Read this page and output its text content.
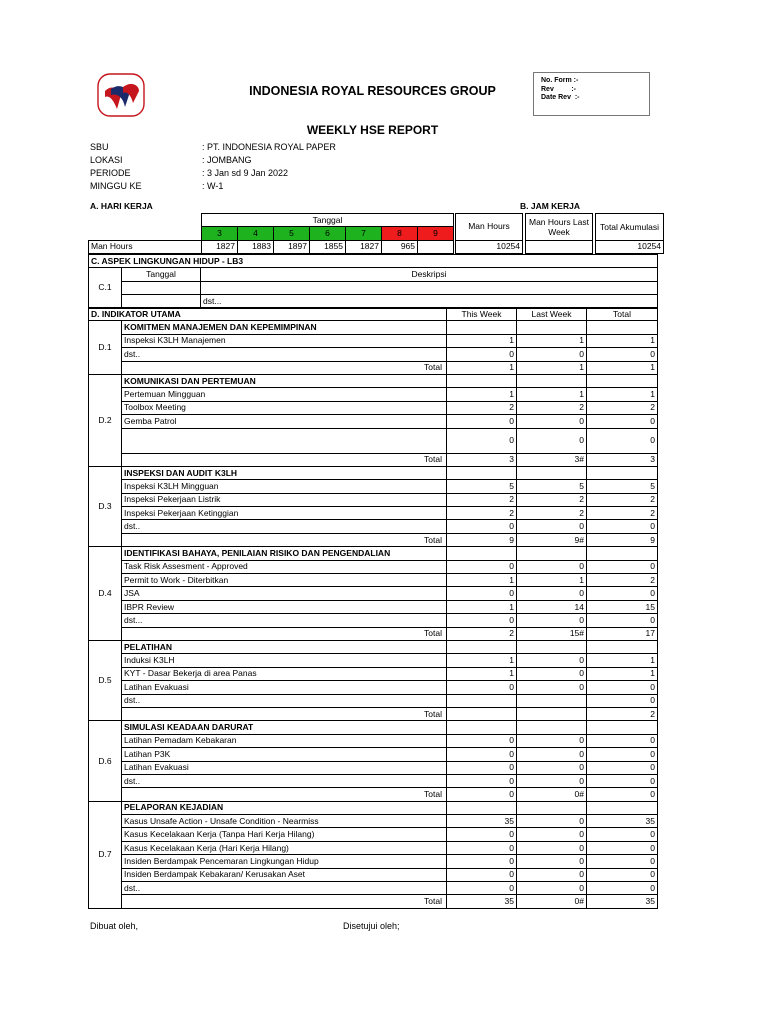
INDONESIA ROYAL RESOURCES GROUP
No. Form :-
Rev         :-
Date Rev  :-
WEEKLY HSE REPORT
SBU	: PT. INDONESIA ROYAL PAPER
LOKASI	: JOMBANG
PERIODE	: 3 Jan sd 9 Jan 2022
MINGGU KE	: W-1
A. HARI KERJA	B. JAM KERJA
	Tanggal								Man Hours		Man Hours Last Week		Total Akumulasi
	3	4	5	6	7	8	9						
Man Hours	1827	1883	1897	1855	1827	965			10254				10254
C. ASPEK LINGKUNGAN HIDUP - LB3		
C.1	Tanggal	Deskripsi

		dst...
D. INDIKATOR UTAMA		This Week	Last Week	Total
D.1	KOMITMEN MANAJEMEN DAN KEPEMIMPINAN			
	Inspeksi K3LH Manajemen	1	1	1
	dst..	0	0	0
	Total	1	1	1
D.2	KOMUNIKASI DAN PERTEMUAN			
	Pertemuan Mingguan	1	1	1
	Toolbox Meeting	2	2	2
	Gemba Patrol	0	0	0
		0	0	0
	Total	3	3#	3
D.3	INSPEKSI DAN AUDIT K3LH			
	Inspeksi K3LH Mingguan	5	5	5
	Inspeksi Pekerjaan Listrik	2	2	2
	Inspeksi Pekerjaan Ketinggian	2	2	2
	dst..	0	0	0
	Total	9	9#	9
D.4	IDENTIFIKASI BAHAYA, PENILAIAN RISIKO DAN PENGENDALIAN			
	Task Risk Assesment - Approved	0	0	0
	Permit to Work - Diterbitkan	1	1	2
	JSA	0	0	0
	IBPR Review	1	14	15
	dst...	0	0	0
	Total	2	15#	17
D.5	PELATIHAN			
	Induksi K3LH	1	0	1
	KYT - Dasar Bekerja di area Panas	1	0	1
	Latihan Evakuasi	0	0	0
	dst..			0
	Total			2
D.6	SIMULASI KEADAAN DARURAT			
	Latihan Pemadam Kebakaran	0	0	0
	Latihan P3K	0	0	0
	Latihan Evakuasi	0	0	0
	dst..	0	0	0
	Total	0	0#	0
D.7	PELAPORAN KEJADIAN			
	Kasus Unsafe Action - Unsafe Condition - Nearmiss	35	0	35
	Kasus Kecelakaan Kerja (Tanpa Hari Kerja Hilang)	0	0	0
	Kasus Kecelakaan Kerja (Hari Kerja Hilang)	0	0	0
	Insiden Berdampak Pencemaran Lingkungan Hidup	0	0	0
	Insiden Berdampak Kebakaran/ Kerusakan Aset	0	0	0
	dst..	0	0	0
	Total	35	0#	35
Dibuat oleh,	Disetujui oleh;
